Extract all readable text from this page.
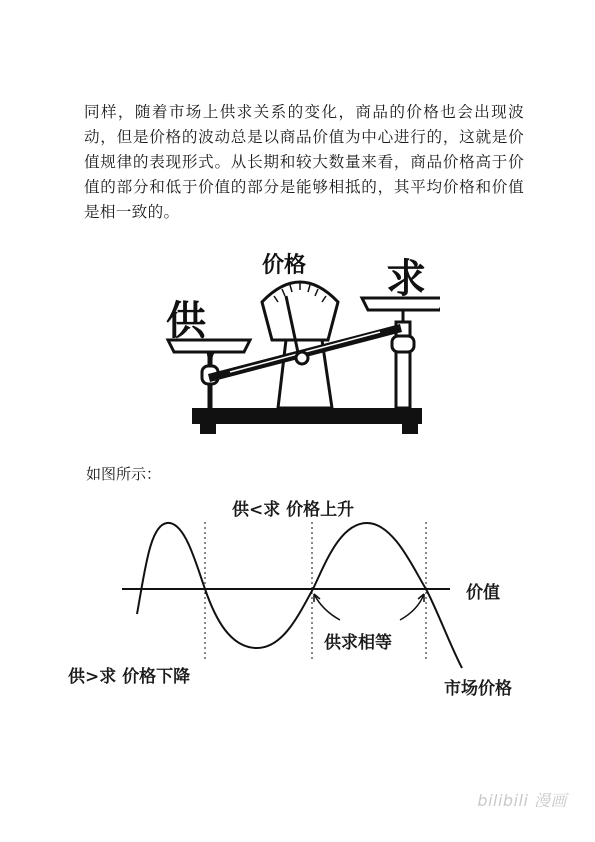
同样，随着市场上供求关系的变化，商品的价格也会出现波动，但是价格的波动总是以商品价值为中心进行的，这就是价值规律的表现形式。从长期和较大数量来看，商品价格高于价值的部分和低于价值的部分是能够相抵的，其平均价格和价值是相一致的。

价格
供
求

如图所示：

供<求 价格上升

价值

供求相等

供>求 价格下降

市场价格

bilibili 漫画
